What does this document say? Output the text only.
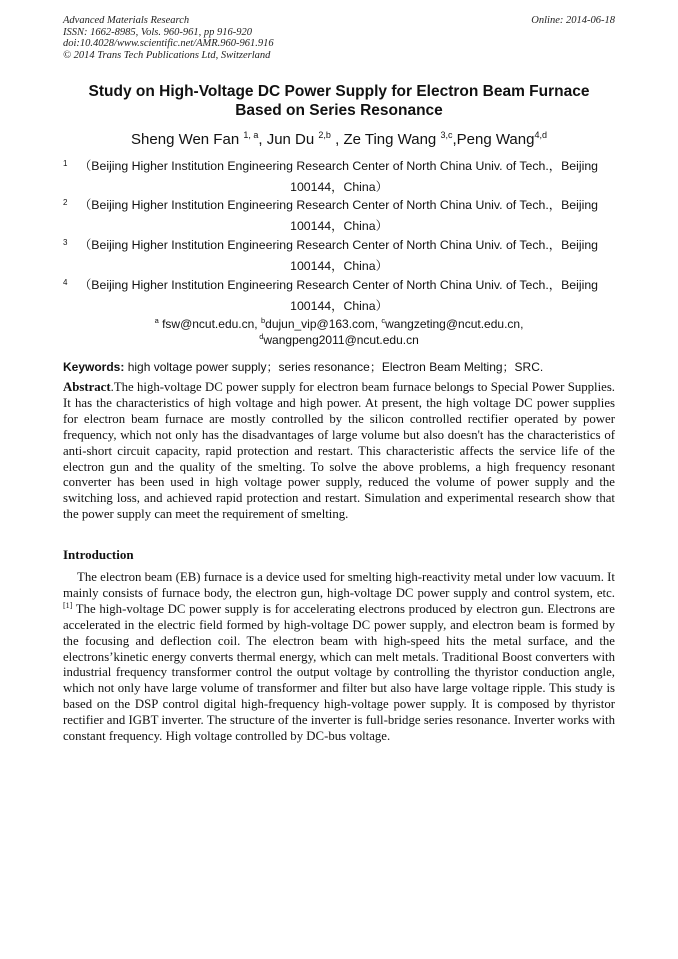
Advanced Materials Research
ISSN: 1662-8985, Vols. 960-961, pp 916-920
doi:10.4028/www.scientific.net/AMR.960-961.916
© 2014 Trans Tech Publications Ltd, Switzerland
Online: 2014-06-18
Study on High-Voltage DC Power Supply for Electron Beam Furnace
Based on Series Resonance
Sheng Wen Fan $^{1, a}$, Jun Du $^{2,b}$ , Ze Ting Wang $^{3,c}$,Peng Wang$^{4,d}$
1 （Beijing Higher Institution Engineering Research Center of North China Univ. of Tech.，Beijing
100144，China）
2 （Beijing Higher Institution Engineering Research Center of North China Univ. of Tech.，Beijing
100144，China）
3 （Beijing Higher Institution Engineering Research Center of North China Univ. of Tech.，Beijing
100144，China）
4 （Beijing Higher Institution Engineering Research Center of North China Univ. of Tech.，Beijing
100144，China）
$^a$ fsw@ncut.edu.cn, $^b$dujun_vip@163.com, $^c$wangzeting@ncut.edu.cn,
$^d$wangpeng2011@ncut.edu.cn
Keywords: high voltage power supply；series resonance；Electron Beam Melting；SRC.
Abstract.The high-voltage DC power supply for electron beam furnace belongs to Special Power Supplies. It has the characteristics of high voltage and high power. At present, the high voltage DC power supplies for electron beam furnace are mostly controlled by the silicon controlled rectifier operated by power frequency, which not only has the disadvantages of large volume but also doesn't has the characteristics of anti-short circuit capacity, rapid protection and restart. This characteristic affects the service life of the electron gun and the quality of the smelting. To solve the above problems, a high frequency resonant converter has been used in high voltage power supply, reduced the volume of power supply and the switching loss, and achieved rapid protection and restart. Simulation and experimental research show that the power supply can meet the requirement of smelting.
Introduction
The electron beam (EB) furnace is a device used for smelting high-reactivity metal under low vacuum. It mainly consists of furnace body, the electron gun, high-voltage DC power supply and control system, etc. [1] The high-voltage DC power supply is for accelerating electrons produced by electron gun. Electrons are accelerated in the electric field formed by high-voltage DC power supply, and electron beam is formed by the focusing and deflection coil. The electron beam with high-speed hits the metal surface, and the electrons’kinetic energy converts thermal energy, which can melt metals. Traditional Boost converters with industrial frequency transformer control the output voltage by controlling the thyristor conduction angle, which not only have large volume of transformer and filter but also have large voltage ripple. This study is based on the DSP control digital high-frequency high-voltage power supply. It is composed by thyristor rectifier and IGBT inverter. The structure of the inverter is full-bridge series resonance. Inverter works with constant frequency. High voltage controlled by DC-bus voltage.
